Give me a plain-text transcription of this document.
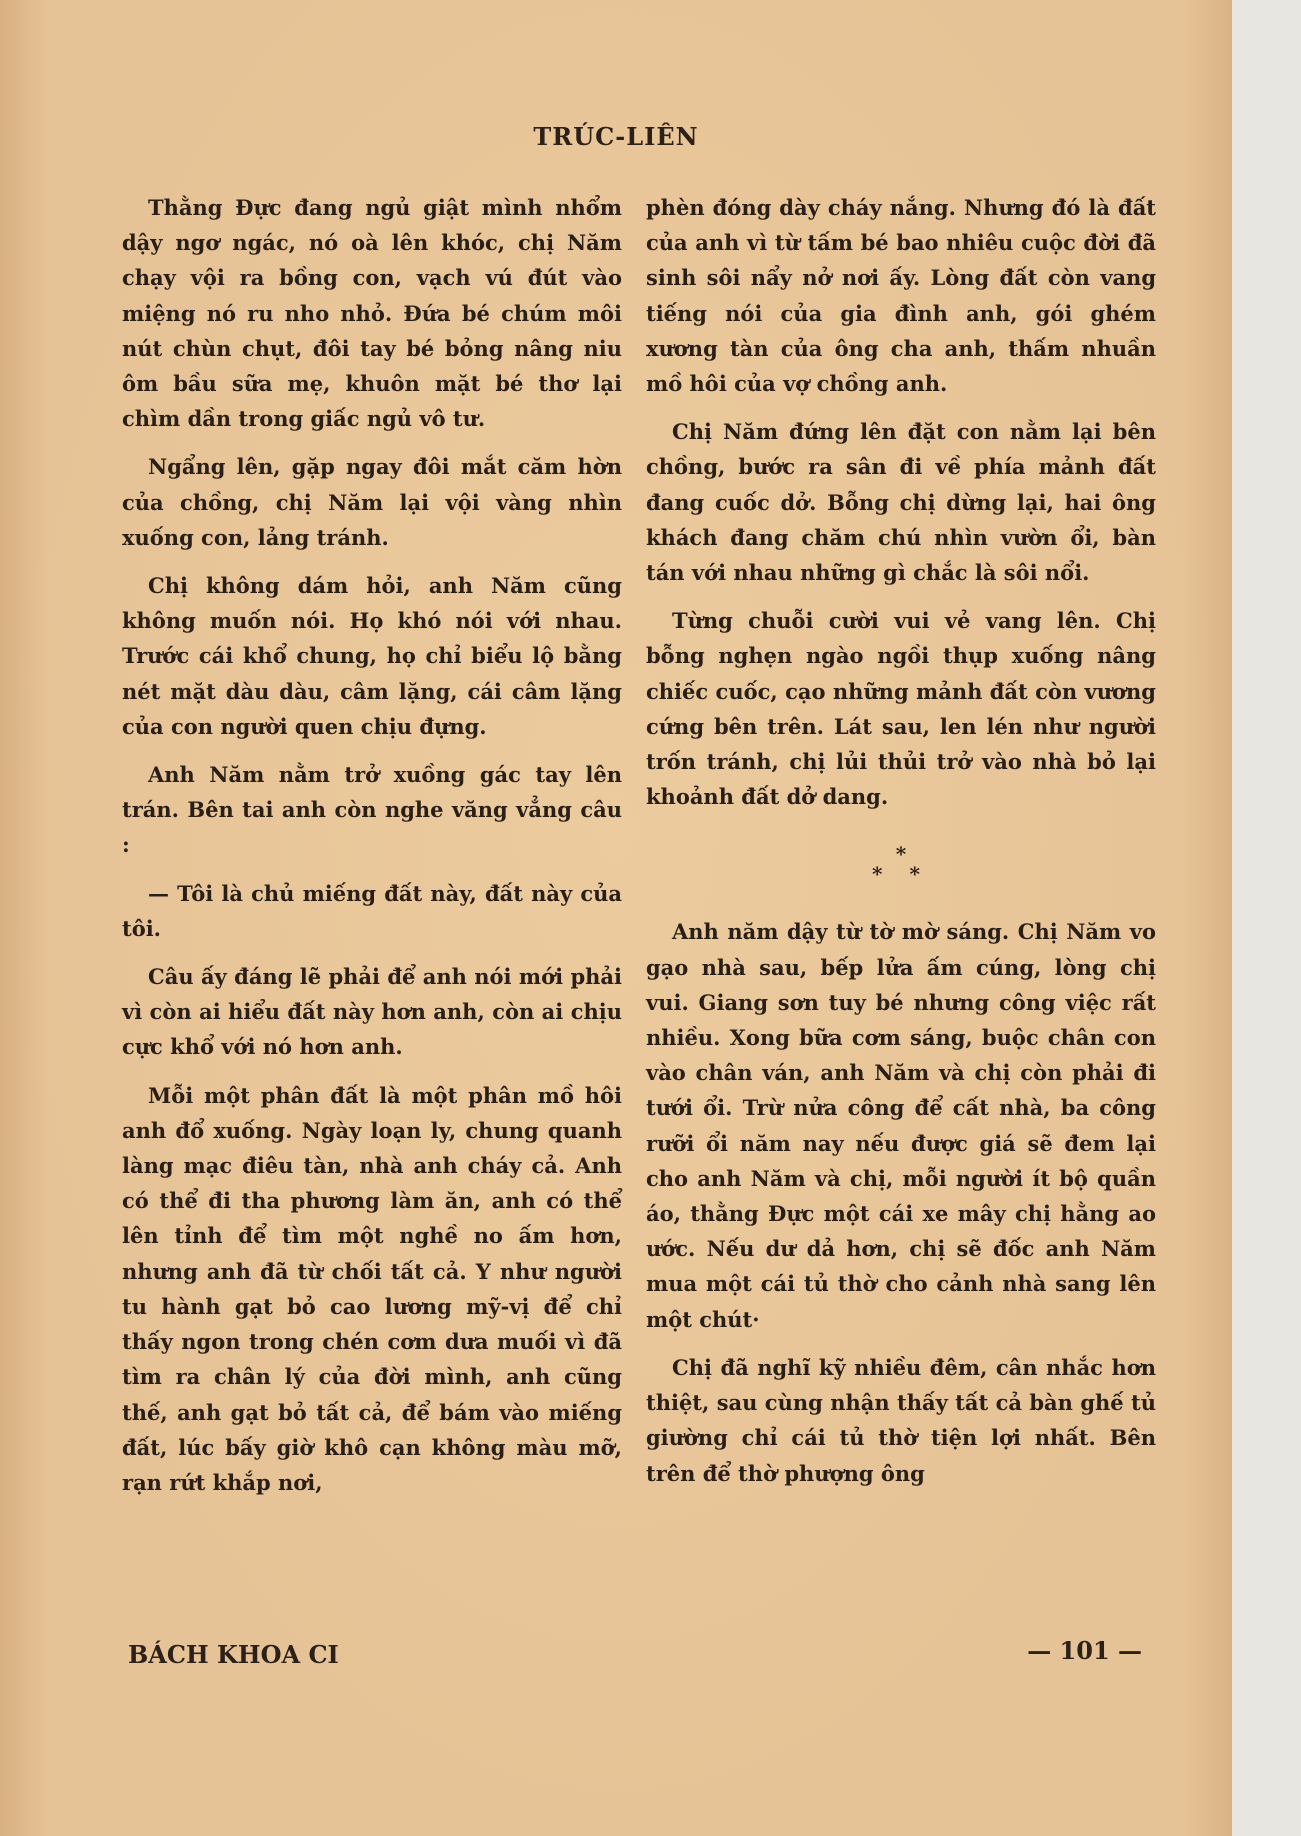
TRÚC-LIÊN

Thằng Đực đang ngủ giật mình nhổm dậy ngơ ngác, nó oà lên khóc, chị Năm chạy vội ra bồng con, vạch vú đút vào miệng nó ru nho nhỏ. Đứa bé chúm môi nút chùn chụt, đôi tay bé bỏng nâng niu ôm bầu sữa mẹ, khuôn mặt bé thơ lại chìm dần trong giấc ngủ vô tư.

Ngẩng lên, gặp ngay đôi mắt căm hờn của chồng, chị Năm lại vội vàng nhìn xuống con, lảng tránh.

Chị không dám hỏi, anh Năm cũng không muốn nói. Họ khó nói với nhau. Trước cái khổ chung, họ chỉ biểu lộ bằng nét mặt dàu dàu, câm lặng, cái câm lặng của con người quen chịu đựng.

Anh Năm nằm trở xuồng gác tay lên trán. Bên tai anh còn nghe văng vẳng câu :

— Tôi là chủ miếng đất này, đất này của tôi.

Câu ấy đáng lẽ phải để anh nói mới phải vì còn ai hiểu đất này hơn anh, còn ai chịu cực khổ với nó hơn anh.

Mỗi một phân đất là một phân mồ hôi anh đổ xuống. Ngày loạn ly, chung quanh làng mạc điêu tàn, nhà anh cháy cả. Anh có thể đi tha phương làm ăn, anh có thể lên tỉnh để tìm một nghề no ấm hơn, nhưng anh đã từ chối tất cả. Y như người tu hành gạt bỏ cao lương mỹ-vị để chỉ thấy ngon trong chén cơm dưa muối vì đã tìm ra chân lý của đời mình, anh cũng thế, anh gạt bỏ tất cả, để bám vào miếng đất, lúc bấy giờ khô cạn không màu mỡ, rạn rứt khắp nơi,

phèn đóng dày cháy nắng. Nhưng đó là đất của anh vì từ tấm bé bao nhiêu cuộc đời đã sinh sôi nẩy nở nơi ấy. Lòng đất còn vang tiếng nói của gia đình anh, gói ghém xương tàn của ông cha anh, thấm nhuần mồ hôi của vợ chồng anh.

Chị Năm đứng lên đặt con nằm lại bên chồng, bước ra sân đi về phía mảnh đất đang cuốc dở. Bỗng chị dừng lại, hai ông khách đang chăm chú nhìn vườn ổi, bàn tán với nhau những gì chắc là sôi nổi.

Từng chuỗi cười vui vẻ vang lên. Chị bỗng nghẹn ngào ngồi thụp xuống nâng chiếc cuốc, cạo những mảnh đất còn vương cứng bên trên. Lát sau, len lén như người trốn tránh, chị lủi thủi trở vào nhà bỏ lại khoảnh đất dở dang.

*
* *

Anh năm dậy từ tờ mờ sáng. Chị Năm vo gạo nhà sau, bếp lửa ấm cúng, lòng chị vui. Giang sơn tuy bé nhưng công việc rất nhiều. Xong bữa cơm sáng, buộc chân con vào chân ván, anh Năm và chị còn phải đi tưới ổi. Trừ nửa công để cất nhà, ba công rưỡi ổi năm nay nếu được giá sẽ đem lại cho anh Năm và chị, mỗi người ít bộ quần áo, thằng Đực một cái xe mây chị hằng ao ước. Nếu dư dả hơn, chị sẽ đốc anh Năm mua một cái tủ thờ cho cảnh nhà sang lên một chút·

Chị đã nghĩ kỹ nhiều đêm, cân nhắc hơn thiệt, sau cùng nhận thấy tất cả bàn ghế tủ giường chỉ cái tủ thờ tiện lợi nhất. Bên trên để thờ phượng ông

BÁCH KHOA CI	— 101 —
